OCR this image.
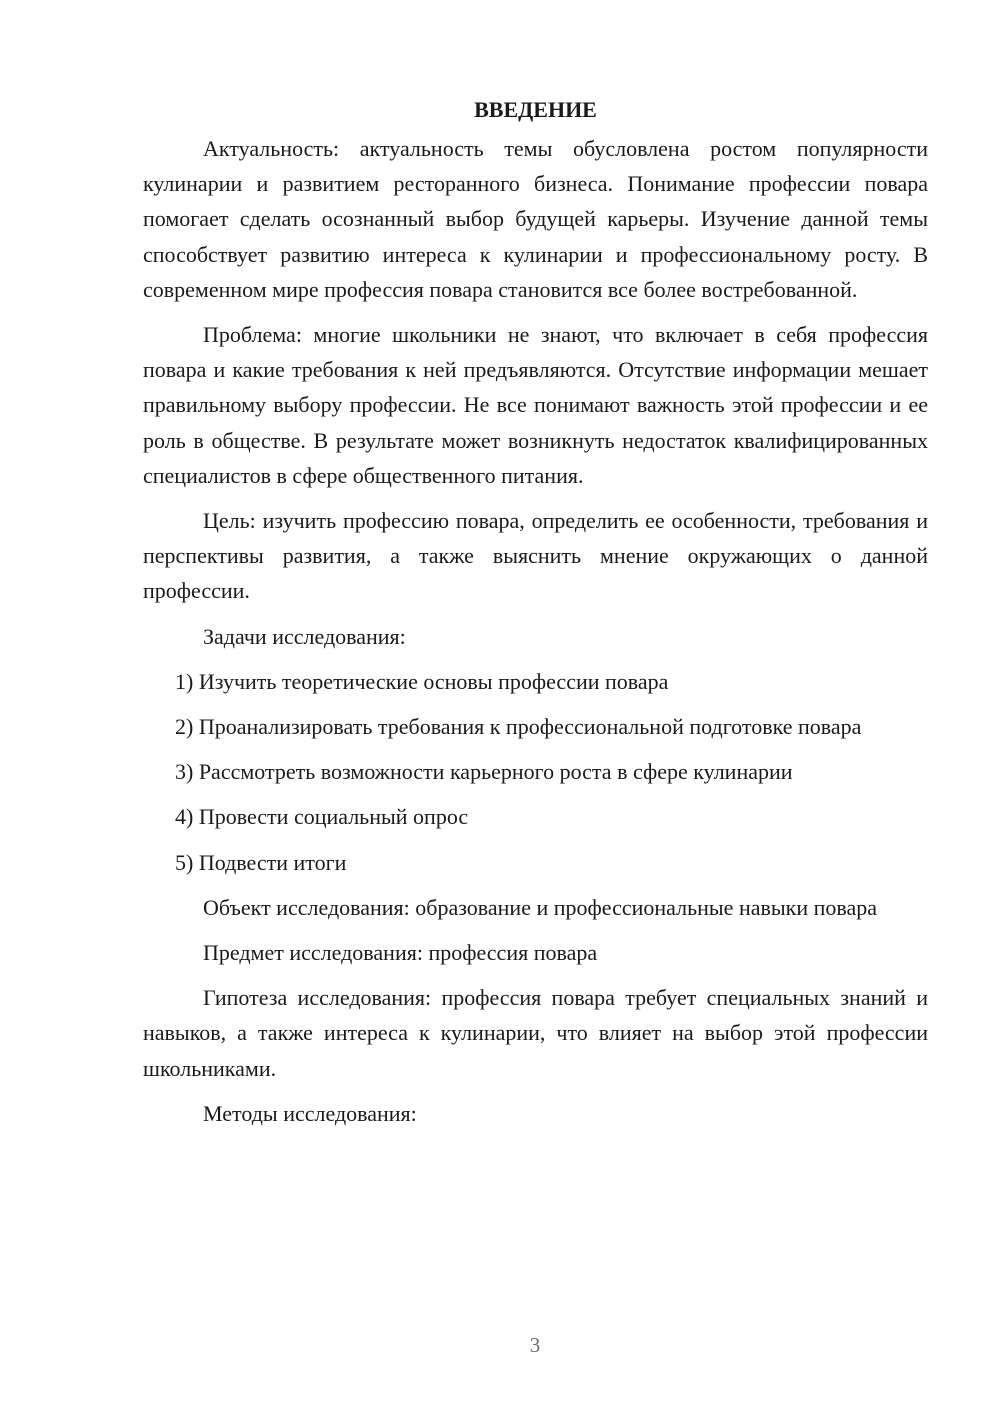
ВВЕДЕНИЕ

Актуальность: актуальность темы обусловлена ростом популярности кулинарии и развитием ресторанного бизнеса. Понимание профессии повара помогает сделать осознанный выбор будущей карьеры. Изучение данной темы способствует развитию интереса к кулинарии и профессиональному росту. В современном мире профессия повара становится все более востребованной.

Проблема: многие школьники не знают, что включает в себя профессия повара и какие требования к ней предъявляются. Отсутствие информации мешает правильному выбору профессии. Не все понимают важность этой профессии и ее роль в обществе. В результате может возникнуть недостаток квалифицированных специалистов в сфере общественного питания.

Цель: изучить профессию повара, определить ее особенности, требования и перспективы развития, а также выяснить мнение окружающих о данной профессии.

Задачи исследования:

1) Изучить теоретические основы профессии повара

2) Проанализировать требования к профессиональной подготовке повара

3) Рассмотреть возможности карьерного роста в сфере кулинарии

4) Провести социальный опрос

5) Подвести итоги

Объект исследования: образование и профессиональные навыки повара

Предмет исследования: профессия повара

Гипотеза исследования: профессия повара требует специальных знаний и навыков, а также интереса к кулинарии, что влияет на выбор этой профессии школьниками.

Методы исследования:

3
